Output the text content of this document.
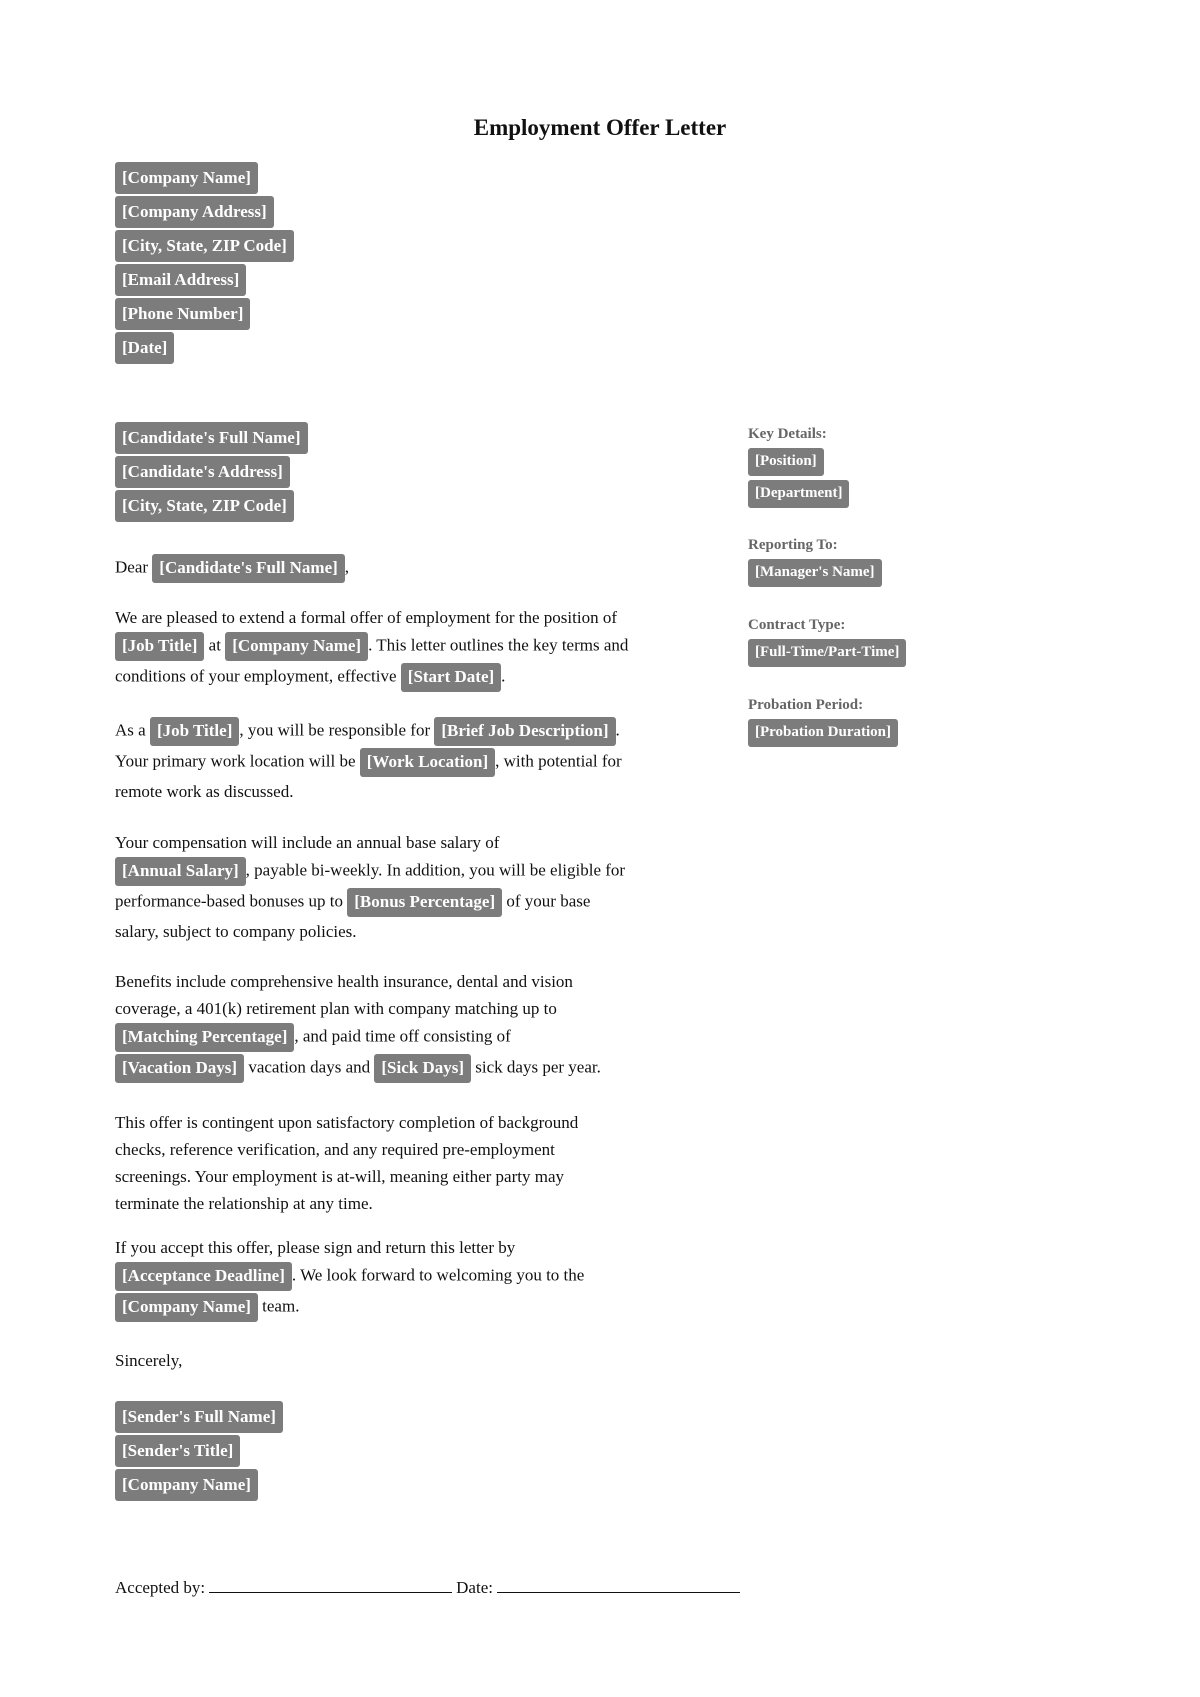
Employment Offer Letter
[Company Name]
[Company Address]
[City, State, ZIP Code]
[Email Address]
[Phone Number]
[Date]
[Candidate's Full Name]
[Candidate's Address]
[City, State, ZIP Code]
Dear [Candidate's Full Name] ,
We are pleased to extend a formal offer of employment for the position of
[Job Title] at [Company Name] . This letter outlines the key terms and
conditions of your employment, effective [Start Date] .
As a [Job Title] , you will be responsible for [Brief Job Description] .
Your primary work location will be [Work Location] , with potential for
remote work as discussed.
Your compensation will include an annual base salary of
[Annual Salary] , payable bi-weekly. In addition, you will be eligible for
performance-based bonuses up to [Bonus Percentage] of your base
salary, subject to company policies.
Benefits include comprehensive health insurance, dental and vision
coverage, a 401(k) retirement plan with company matching up to
[Matching Percentage] , and paid time off consisting of
[Vacation Days] vacation days and [Sick Days] sick days per year.
This offer is contingent upon satisfactory completion of background
checks, reference verification, and any required pre-employment
screenings. Your employment is at-will, meaning either party may
terminate the relationship at any time.
If you accept this offer, please sign and return this letter by
[Acceptance Deadline] . We look forward to welcoming you to the
[Company Name] team.
Sincerely,
[Sender's Full Name]
[Sender's Title]
[Company Name]
Key Details:
[Position]
[Department]
Reporting To:
[Manager's Name]
Contract Type:
[Full-Time/Part-Time]
Probation Period:
[Probation Duration]
Accepted by:	Date:
